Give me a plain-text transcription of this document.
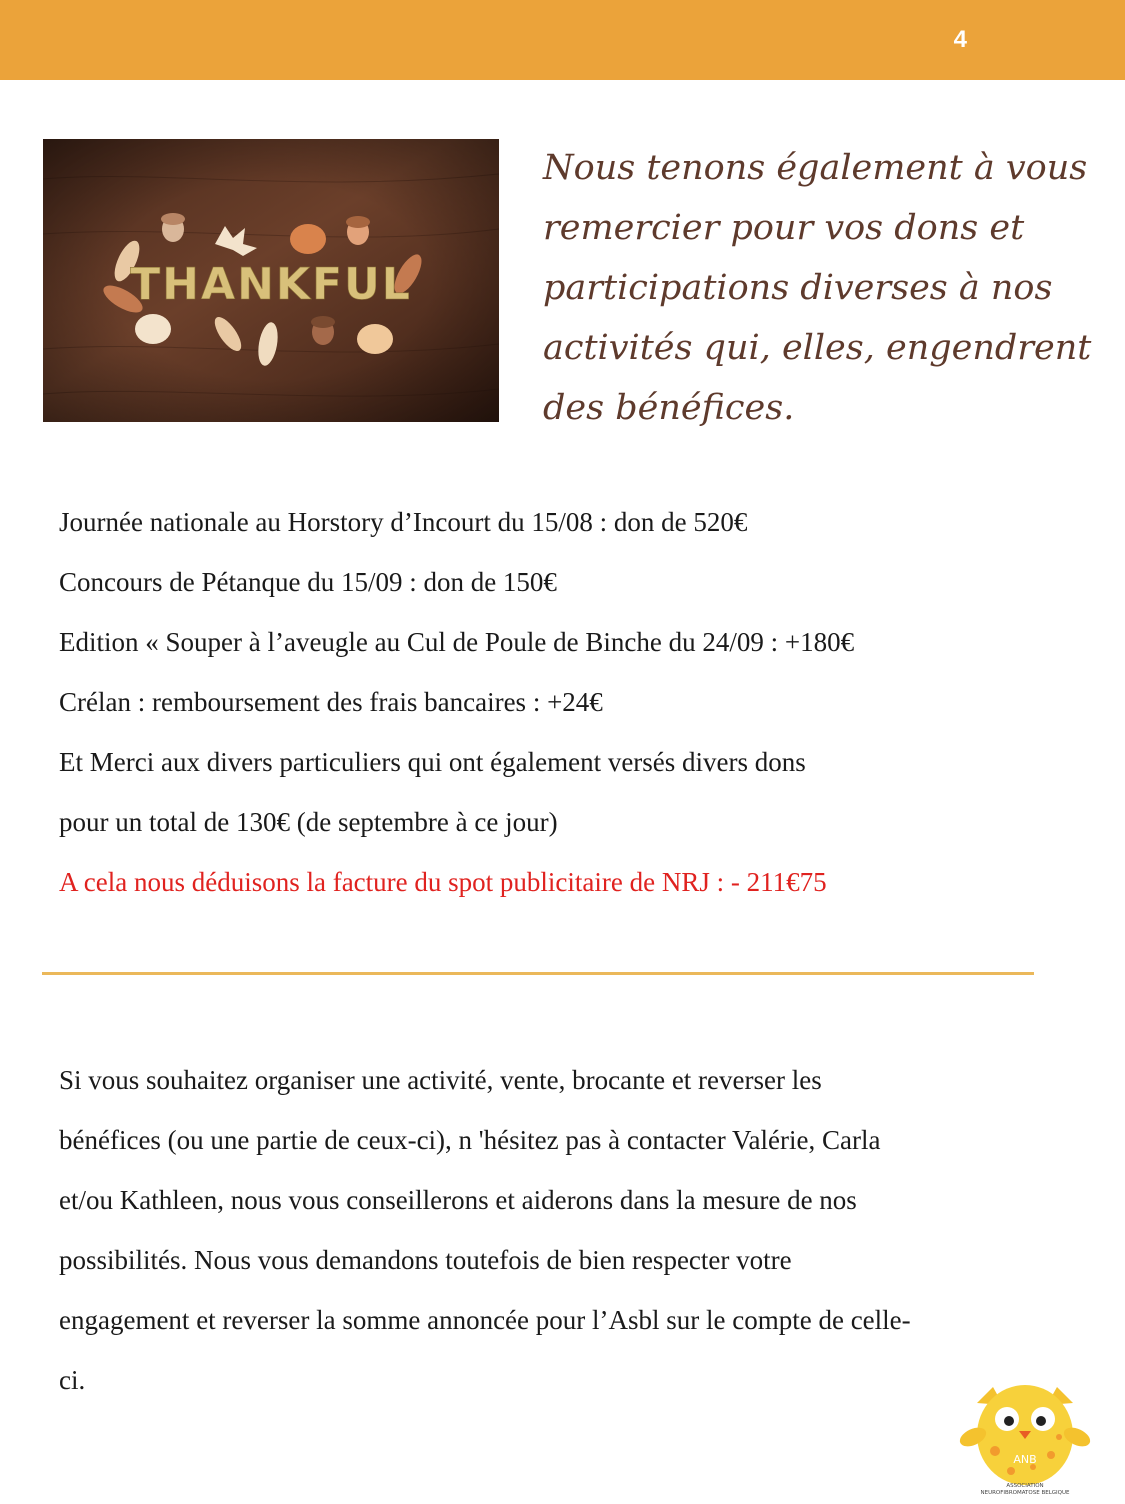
4
THANKFUL
Nous tenons également à vous
remercier pour vos dons et
participations diverses à nos
activités qui, elles, engendrent
des bénéfices.
Journée nationale au Horstory d’Incourt du 15/08 : don de 520€
Concours de Pétanque du 15/09 : don de 150€
Edition « Souper à l’aveugle au Cul de Poule de Binche du 24/09 : +180€
Crélan : remboursement des frais bancaires : +24€
Et Merci aux divers particuliers qui ont également versés divers dons
pour un total de 130€ (de septembre à ce jour)
A cela nous déduisons la facture du spot publicitaire de NRJ : - 211€75
Si vous souhaitez organiser une activité, vente, brocante et reverser les
bénéfices (ou une partie de ceux-ci), n 'hésitez pas à contacter Valérie, Carla
et/ou Kathleen, nous vous conseillerons et aiderons dans la mesure de nos
possibilités. Nous vous demandons toutefois de bien respecter votre
engagement et reverser la somme annoncée pour l’Asbl sur le compte de celle-
ci.
ANB
ASSOCIATION
NEUROFIBROMATOSE BELGIQUE
